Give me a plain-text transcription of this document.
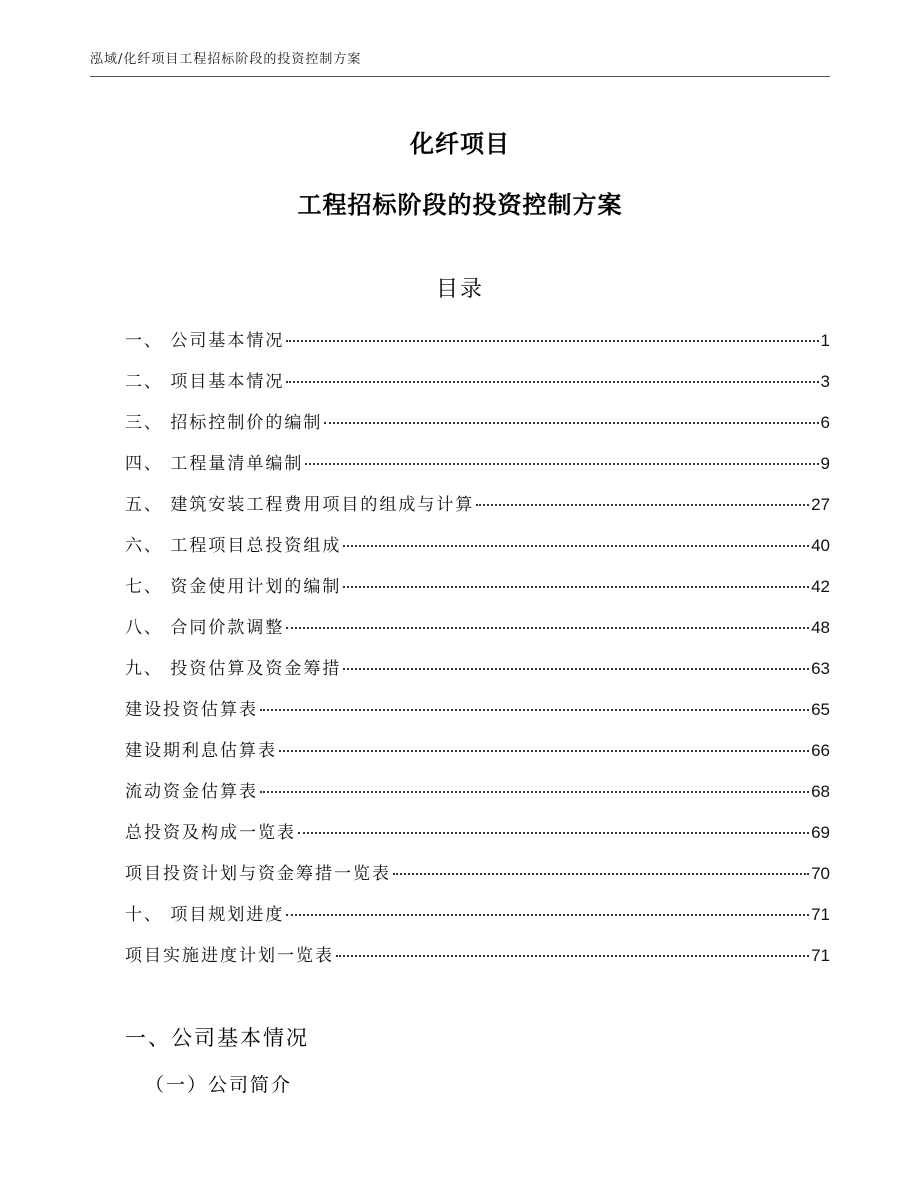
泓域/化纤项目工程招标阶段的投资控制方案
化纤项目
工程招标阶段的投资控制方案
目录
一、 公司基本情况	1
二、 项目基本情况	3
三、 招标控制价的编制	6
四、 工程量清单编制	9
五、 建筑安装工程费用项目的组成与计算	27
六、 工程项目总投资组成	40
七、 资金使用计划的编制	42
八、 合同价款调整	48
九、 投资估算及资金筹措	63
建设投资估算表	65
建设期利息估算表	66
流动资金估算表	68
总投资及构成一览表	69
项目投资计划与资金筹措一览表	70
十、 项目规划进度	71
项目实施进度计划一览表	71
一、公司基本情况
（一）公司简介
